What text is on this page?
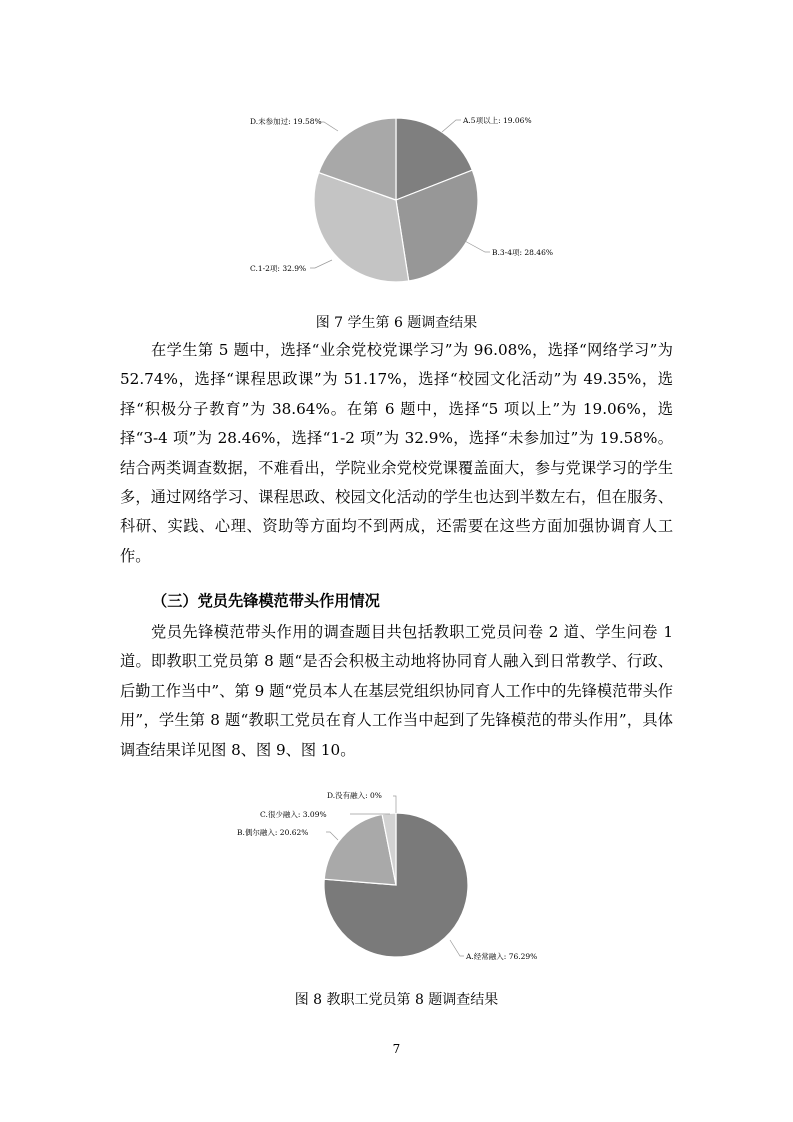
A.5项以上: 19.06%
B.3-4项: 28.46%
C.1-2项: 32.9%
D.未参加过: 19.58%
图 7 学生第 6 题调查结果

在学生第 5 题中，选择“业余党校党课学习”为 96.08%，选择“网络学习”为 52.74%，选择“课程思政课”为 51.17%，选择“校园文化活动”为 49.35%，选择“积极分子教育”为 38.64%。在第 6 题中，选择“5 项以上”为 19.06%，选择“3-4 项”为 28.46%，选择“1-2 项”为 32.9%，选择“未参加过”为 19.58%。结合两类调查数据，不难看出，学院业余党校党课覆盖面大，参与党课学习的学生多，通过网络学习、课程思政、校园文化活动的学生也达到半数左右，但在服务、科研、实践、心理、资助等方面均不到两成，还需要在这些方面加强协调育人工作。

（三）党员先锋模范带头作用情况

党员先锋模范带头作用的调查题目共包括教职工党员问卷 2 道、学生问卷 1 道。即教职工党员第 8 题“是否会积极主动地将协同育人融入到日常教学、行政、后勤工作当中”、第 9 题“党员本人在基层党组织协同育人工作中的先锋模范带头作用”，学生第 8 题“教职工党员在育人工作当中起到了先锋模范的带头作用”，具体调查结果详见图 8、图 9、图 10。

A.经常融入: 76.29%
B.偶尔融入: 20.62%
C.很少融入: 3.09%
D.没有融入: 0%
图 8 教职工党员第 8 题调查结果
7
